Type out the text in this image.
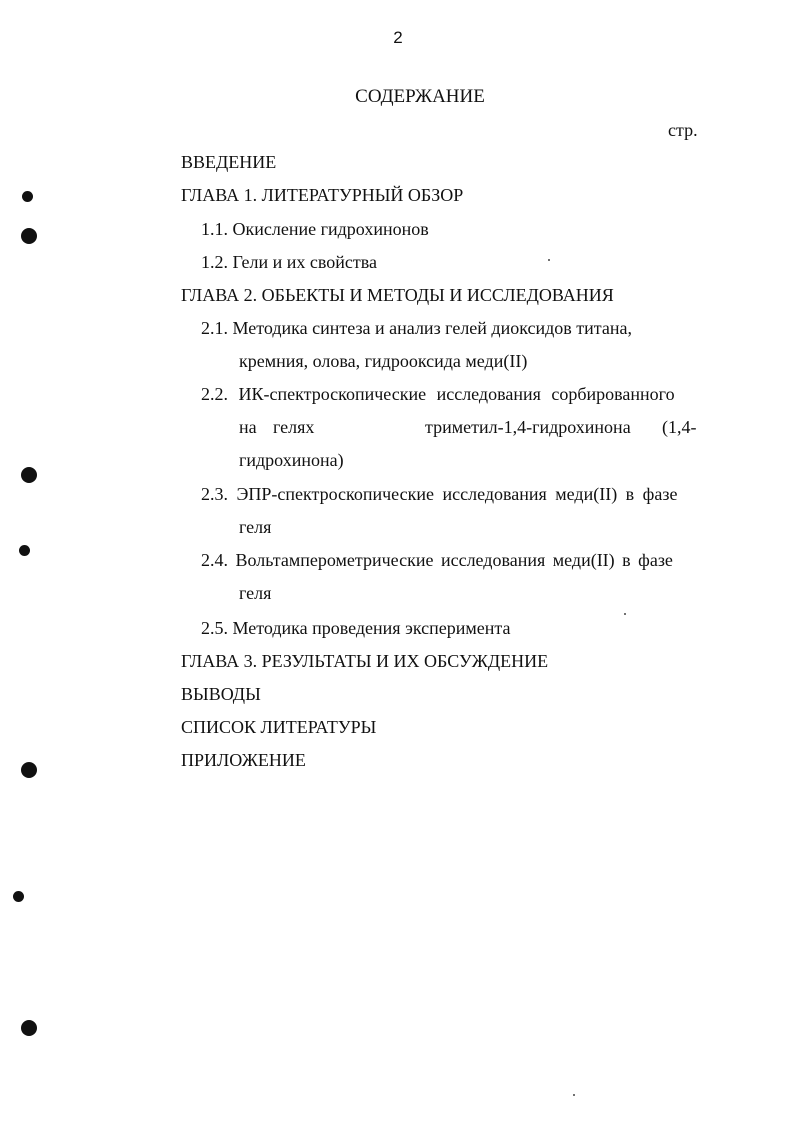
2
СОДЕРЖАНИЕ
стр.
ВВЕДЕНИЕ
ГЛАВА 1. ЛИТЕРАТУРНЫЙ ОБЗОР
1.1. Окисление гидрохинонов
1.2. Гели и их свойства
ГЛАВА 2. ОБЬЕКТЫ И МЕТОДЫ И ИССЛЕДОВАНИЯ
2.1. Методика синтеза и анализ гелей диоксидов титана,
кремния, олова, гидрооксида меди(II)
2.2. ИК-спектроскопические исследования сорбированного
на гелях	триметил-1,4-гидрохинона (1,4-
гидрохинона)
2.3. ЭПР-спектроскопические исследования меди(II) в фазе
геля
2.4. Вольтамперометрические исследования меди(II) в фазе
геля
2.5. Методика проведения эксперимента
ГЛАВА 3. РЕЗУЛЬТАТЫ И ИХ ОБСУЖДЕНИЕ
ВЫВОДЫ
СПИСОК ЛИТЕРАТУРЫ
ПРИЛОЖЕНИЕ
